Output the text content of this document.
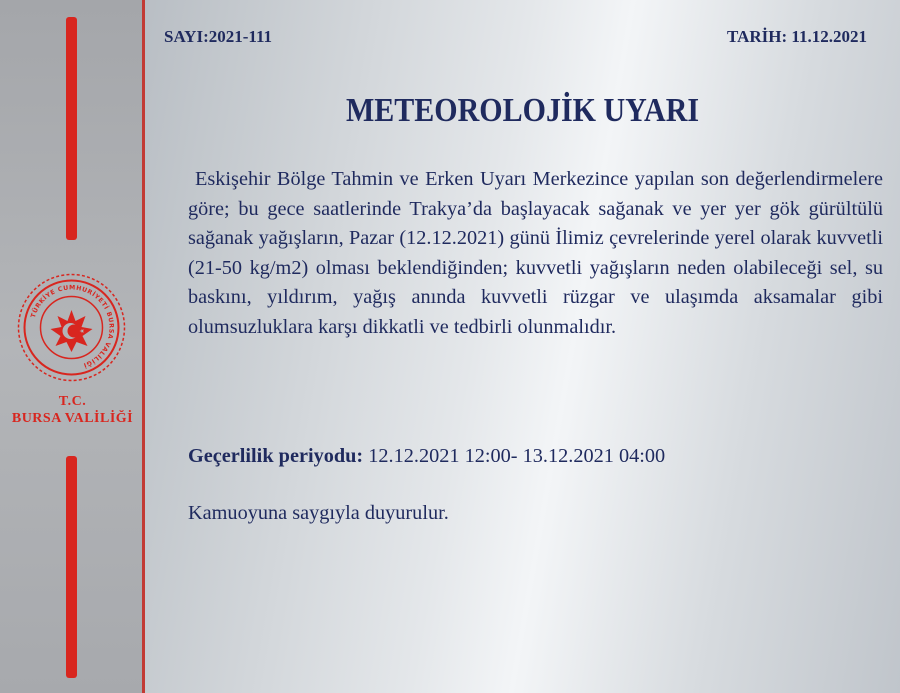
TÜRKİYE CUMHURİYETİ BURSA VALİLİĞİ
T.C.
BURSA VALİLİĞİ
SAYI:2021-111	TARİH: 11.12.2021
METEOROLOJİK UYARI
Eskişehir Bölge Tahmin ve Erken Uyarı Merkezince yapılan son değerlendirmelere göre; bu gece saatlerinde Trakya’da başlayacak sağanak ve yer yer gök gürültülü sağanak yağışların, Pazar (12.12.2021) günü İlimiz çevrelerinde yerel olarak kuvvetli (21-50 kg/m2) olması beklendiğinden; kuvvetli yağışların neden olabileceği sel, su baskını, yıldırım, yağış anında kuvvetli rüzgar ve ulaşımda aksamalar gibi olumsuzluklara karşı dikkatli ve tedbirli olunmalıdır.
Geçerlilik periyodu: 12.12.2021 12:00- 13.12.2021 04:00
Kamuoyuna saygıyla duyurulur.
